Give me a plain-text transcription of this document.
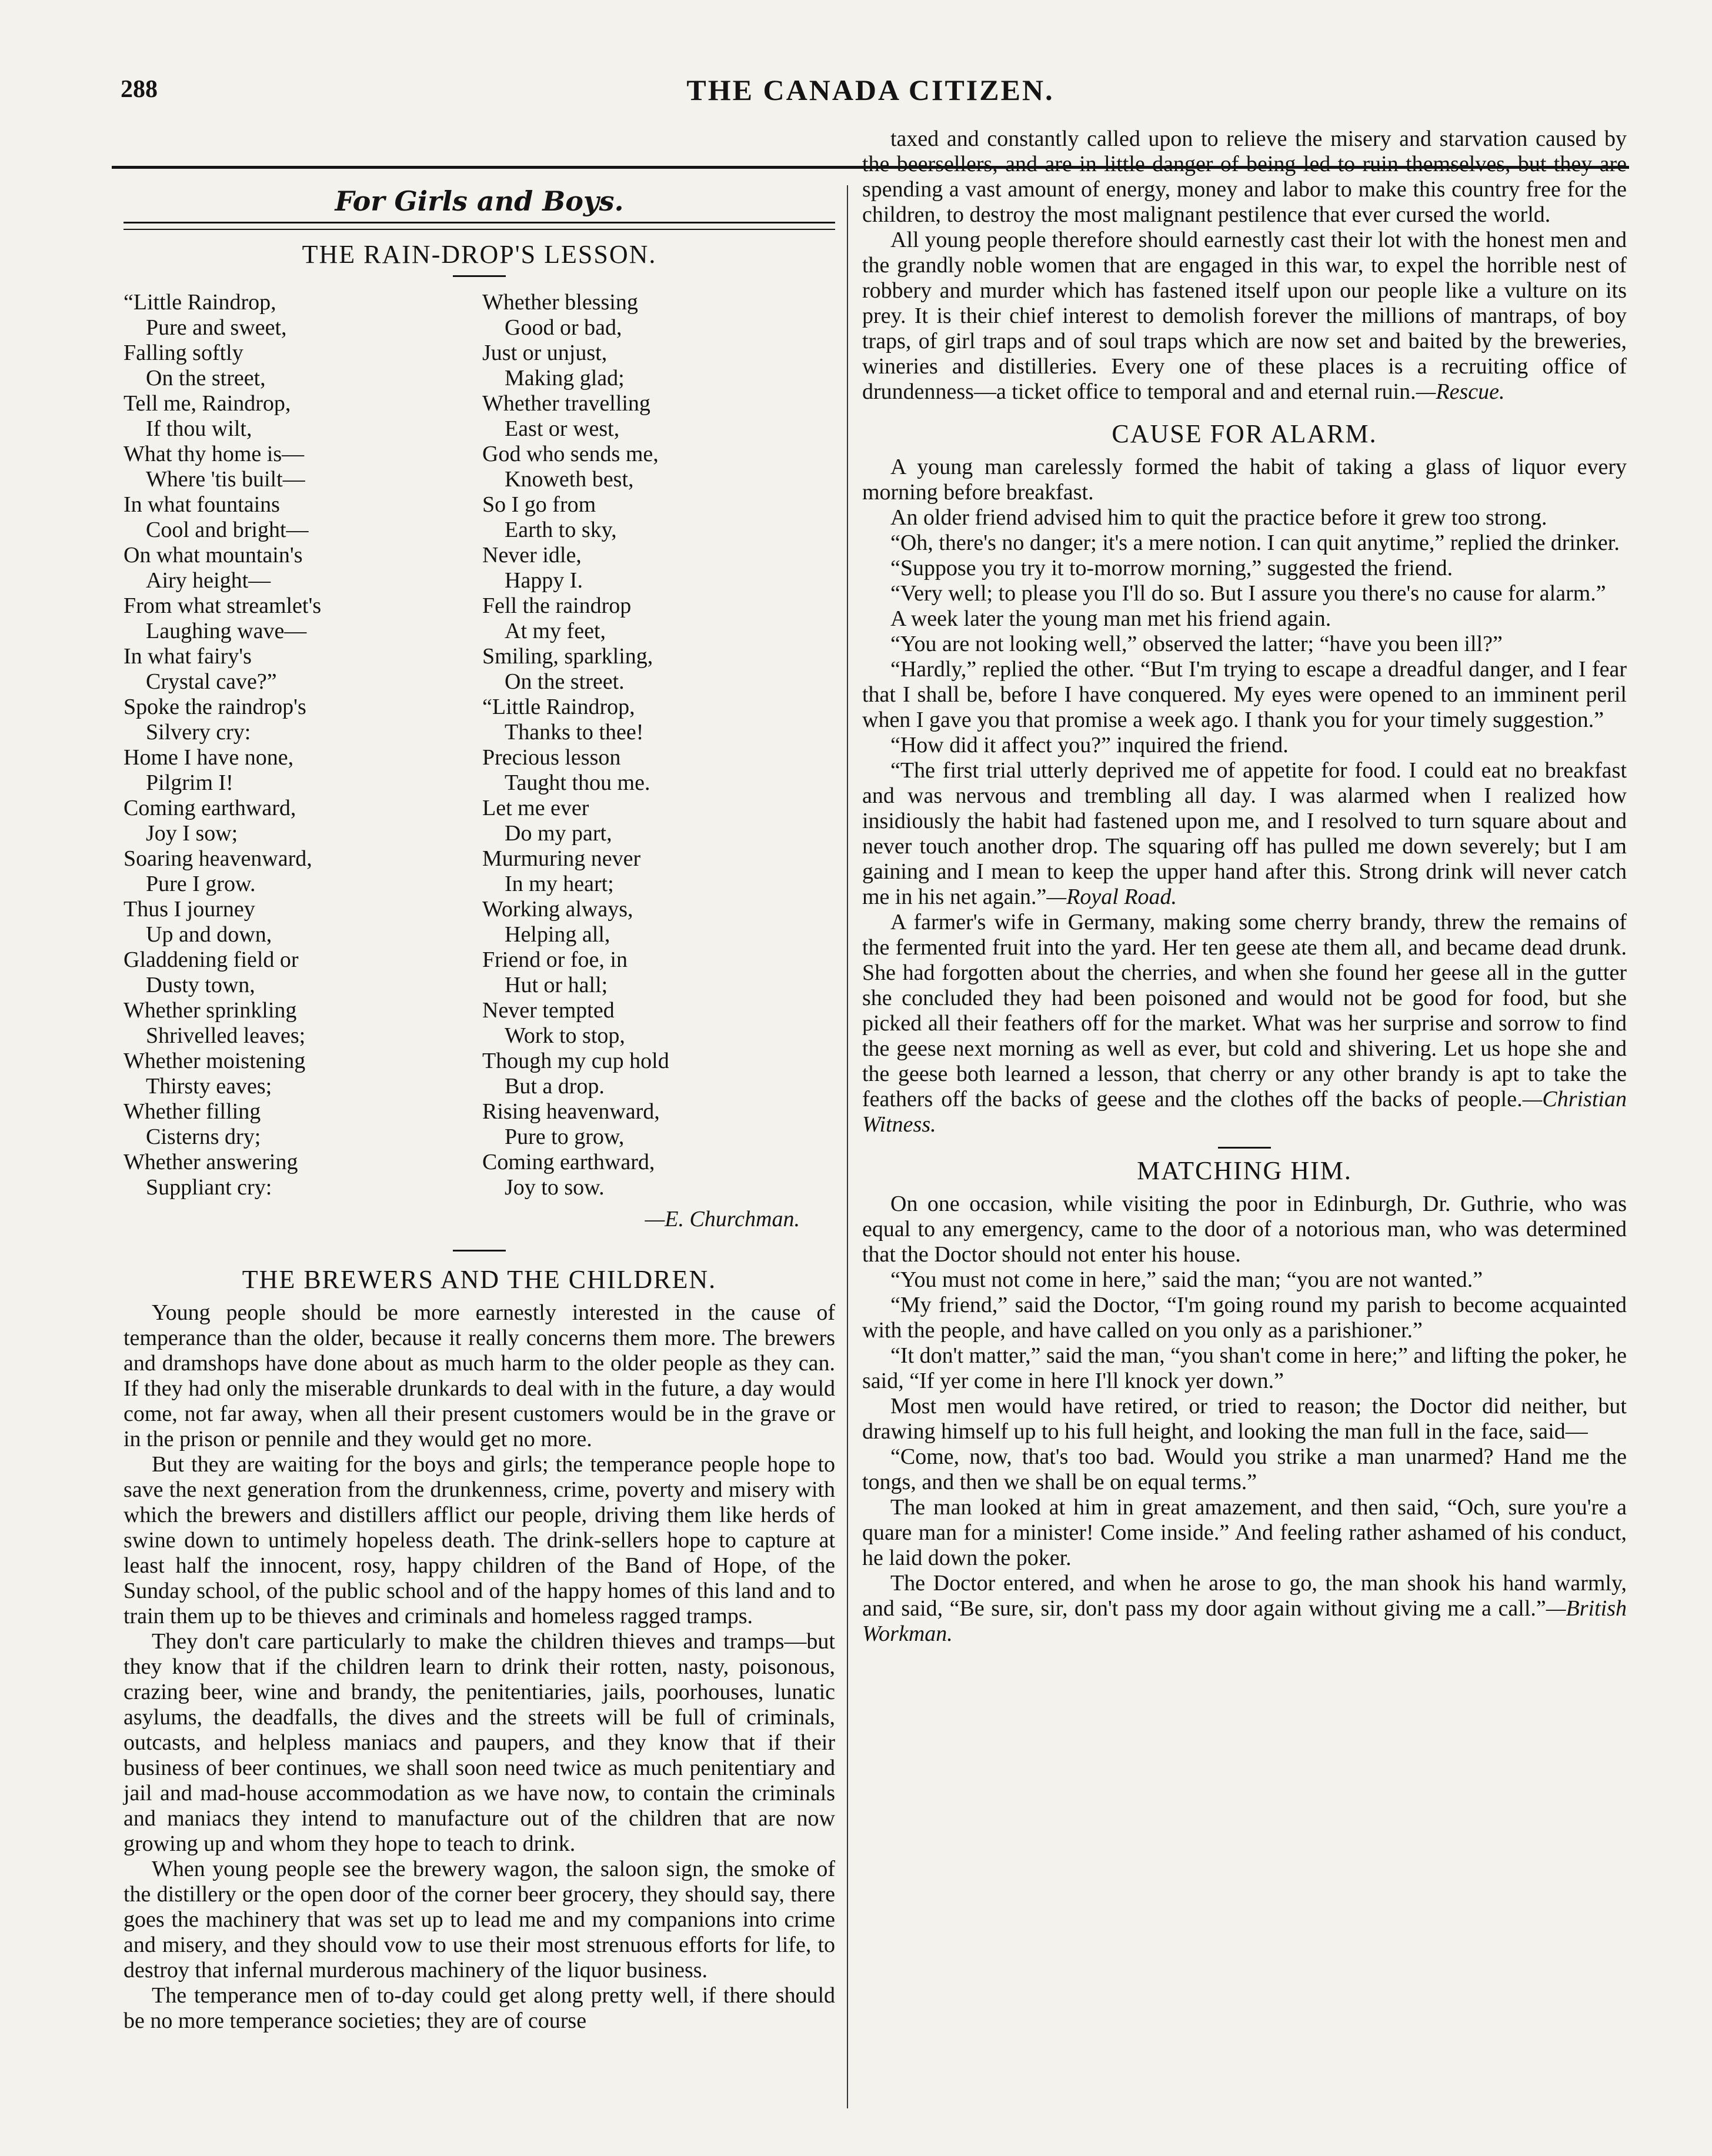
288	THE CANADA CITIZEN.
For Girls and Boys.
THE RAIN-DROP'S LESSON.
“Little Raindrop,
Pure and sweet,
Falling softly
On the street,
Tell me, Raindrop,
If thou wilt,
What thy home is—
Where 'tis built—
In what fountains
Cool and bright—
On what mountain's
Airy height—
From what streamlet's
Laughing wave—
In what fairy's
Crystal cave?”
Spoke the raindrop's
Silvery cry:
Home I have none,
Pilgrim I!
Coming earthward,
Joy I sow;
Soaring heavenward,
Pure I grow.
Thus I journey
Up and down,
Gladdening field or
Dusty town,
Whether sprinkling
Shrivelled leaves;
Whether moistening
Thirsty eaves;
Whether filling
Cisterns dry;
Whether answering
Suppliant cry:
Whether blessing
Good or bad,
Just or unjust,
Making glad;
Whether travelling
East or west,
God who sends me,
Knoweth best,
So I go from
Earth to sky,
Never idle,
Happy I.
Fell the raindrop
At my feet,
Smiling, sparkling,
On the street.
“Little Raindrop,
Thanks to thee!
Precious lesson
Taught thou me.
Let me ever
Do my part,
Murmuring never
In my heart;
Working always,
Helping all,
Friend or foe, in
Hut or hall;
Never tempted
Work to stop,
Though my cup hold
But a drop.
Rising heavenward,
Pure to grow,
Coming earthward,
Joy to sow.
—E. Churchman.
THE BREWERS AND THE CHILDREN.

Young people should be more earnestly interested in the cause of temperance than the older, because it really concerns them more. The brewers and dramshops have done about as much harm to the older people as they can. If they had only the miserable drunkards to deal with in the future, a day would come, not far away, when all their present customers would be in the grave or in the prison or pennile and they would get no more.

But they are waiting for the boys and girls; the temperance people hope to save the next generation from the drunkenness, crime, poverty and misery with which the brewers and distillers afflict our people, driving them like herds of swine down to untimely hopeless death. The drink-sellers hope to capture at least half the innocent, rosy, happy children of the Band of Hope, of the Sunday school, of the public school and of the happy homes of this land and to train them up to be thieves and criminals and homeless ragged tramps.

They don't care particularly to make the children thieves and tramps—but they know that if the children learn to drink their rotten, nasty, poisonous, crazing beer, wine and brandy, the penitentiaries, jails, poorhouses, lunatic asylums, the deadfalls, the dives and the streets will be full of criminals, outcasts, and helpless maniacs and paupers, and they know that if their business of beer continues, we shall soon need twice as much penitentiary and jail and mad-house accommodation as we have now, to contain the criminals and maniacs they intend to manufacture out of the children that are now growing up and whom they hope to teach to drink.

When young people see the brewery wagon, the saloon sign, the smoke of the distillery or the open door of the corner beer grocery, they should say, there goes the machinery that was set up to lead me and my companions into crime and misery, and they should vow to use their most strenuous efforts for life, to destroy that infernal murderous machinery of the liquor business.

The temperance men of to-day could get along pretty well, if there should be no more temperance societies; they are of course

taxed and constantly called upon to relieve the misery and starvation caused by the beersellers, and are in little danger of being led to ruin themselves, but they are spending a vast amount of energy, money and labor to make this country free for the children, to destroy the most malignant pestilence that ever cursed the world.

All young people therefore should earnestly cast their lot with the honest men and the grandly noble women that are engaged in this war, to expel the horrible nest of robbery and murder which has fastened itself upon our people like a vulture on its prey. It is their chief interest to demolish forever the millions of mantraps, of boy traps, of girl traps and of soul traps which are now set and baited by the breweries, wineries and distilleries. Every one of these places is a recruiting office of drundenness—a ticket office to temporal and and eternal ruin.—Rescue.

CAUSE FOR ALARM.

A young man carelessly formed the habit of taking a glass of liquor every morning before breakfast.

An older friend advised him to quit the practice before it grew too strong.

“Oh, there's no danger; it's a mere notion. I can quit anytime,” replied the drinker.

“Suppose you try it to-morrow morning,” suggested the friend.

“Very well; to please you I'll do so. But I assure you there's no cause for alarm.”

A week later the young man met his friend again.

“You are not looking well,” observed the latter; “have you been ill?”

“Hardly,” replied the other. “But I'm trying to escape a dreadful danger, and I fear that I shall be, before I have conquered. My eyes were opened to an imminent peril when I gave you that promise a week ago. I thank you for your timely suggestion.”

“How did it affect you?” inquired the friend.

“The first trial utterly deprived me of appetite for food. I could eat no breakfast and was nervous and trembling all day. I was alarmed when I realized how insidiously the habit had fastened upon me, and I resolved to turn square about and never touch another drop. The squaring off has pulled me down severely; but I am gaining and I mean to keep the upper hand after this. Strong drink will never catch me in his net again.”—Royal Road.

A farmer's wife in Germany, making some cherry brandy, threw the remains of the fermented fruit into the yard. Her ten geese ate them all, and became dead drunk. She had forgotten about the cherries, and when she found her geese all in the gutter she concluded they had been poisoned and would not be good for food, but she picked all their feathers off for the market. What was her surprise and sorrow to find the geese next morning as well as ever, but cold and shivering. Let us hope she and the geese both learned a lesson, that cherry or any other brandy is apt to take the feathers off the backs of geese and the clothes off the backs of people.—Christian Witness.

MATCHING HIM.

On one occasion, while visiting the poor in Edinburgh, Dr. Guthrie, who was equal to any emergency, came to the door of a notorious man, who was determined that the Doctor should not enter his house.

“You must not come in here,” said the man; “you are not wanted.”

“My friend,” said the Doctor, “I'm going round my parish to become acquainted with the people, and have called on you only as a parishioner.”

“It don't matter,” said the man, “you shan't come in here;” and lifting the poker, he said, “If yer come in here I'll knock yer down.”

Most men would have retired, or tried to reason; the Doctor did neither, but drawing himself up to his full height, and looking the man full in the face, said—

“Come, now, that's too bad. Would you strike a man unarmed? Hand me the tongs, and then we shall be on equal terms.”

The man looked at him in great amazement, and then said, “Och, sure you're a quare man for a minister! Come inside.” And feeling rather ashamed of his conduct, he laid down the poker.

The Doctor entered, and when he arose to go, the man shook his hand warmly, and said, “Be sure, sir, don't pass my door again without giving me a call.”—British Workman.
